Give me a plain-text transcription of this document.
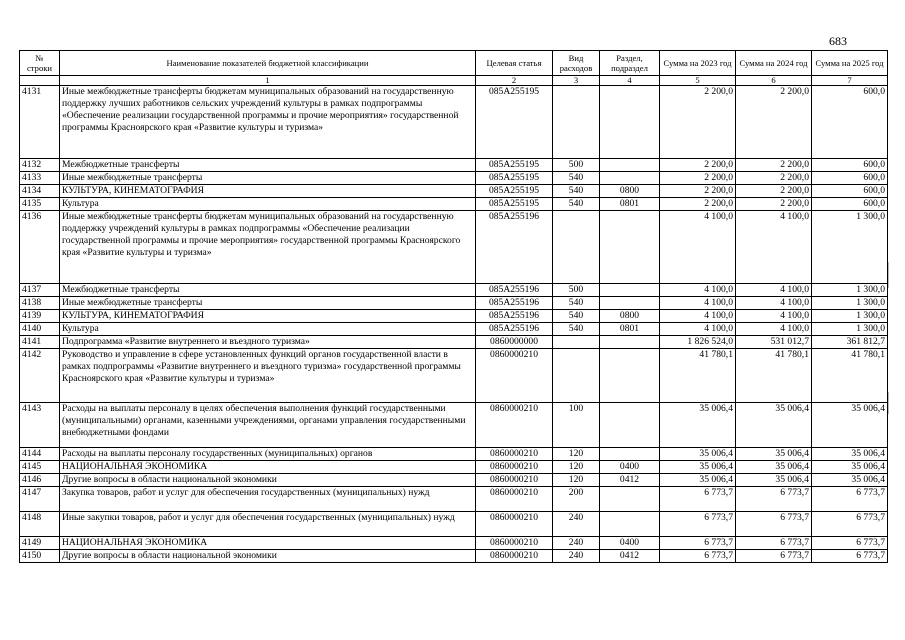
683
№ строки	Наименование показателей бюджетной классификации	Целевая статья	Вид расходов	Раздел, подраздел	Сумма на 2023 год	Сумма на 2024 год	Сумма на 2025 год
	1	2	3	4	5	6	7
4131	Иные межбюджетные трансферты бюджетам муниципальных образований на государственную поддержку лучших работников сельских учреждений культуры в рамках подпрограммы «Обеспечение реализации государственной программы и прочие мероприятия» государственной программы Красноярского края «Развитие культуры и туризма»	085A255195			2 200,0	2 200,0	600,0
4132	Межбюджетные трансферты	085A255195	500		2 200,0	2 200,0	600,0
4133	Иные межбюджетные трансферты	085A255195	540		2 200,0	2 200,0	600,0
4134	КУЛЬТУРА, КИНЕМАТОГРАФИЯ	085A255195	540	0800	2 200,0	2 200,0	600,0
4135	Культура	085A255195	540	0801	2 200,0	2 200,0	600,0
4136	Иные межбюджетные трансферты бюджетам муниципальных образований на государственную поддержку учреждений культуры в рамках подпрограммы «Обеспечение реализации государственной программы и прочие мероприятия» государственной программы Красноярского края «Развитие культуры и туризма»	085A255196			4 100,0	4 100,0	1 300,0
4137	Межбюджетные трансферты	085A255196	500		4 100,0	4 100,0	1 300,0
4138	Иные межбюджетные трансферты	085A255196	540		4 100,0	4 100,0	1 300,0
4139	КУЛЬТУРА, КИНЕМАТОГРАФИЯ	085A255196	540	0800	4 100,0	4 100,0	1 300,0
4140	Культура	085A255196	540	0801	4 100,0	4 100,0	1 300,0
4141	Подпрограмма «Развитие внутреннего и въездного туризма»	0860000000			1 826 524,0	531 012,7	361 812,7
4142	Руководство и управление в сфере установленных функций органов государственной власти в рамках подпрограммы «Развитие внутреннего и въездного туризма» государственной программы Красноярского края «Развитие культуры и туризма»	0860000210			41 780,1	41 780,1	41 780,1
4143	Расходы на выплаты персоналу в целях обеспечения выполнения функций государственными (муниципальными) органами, казенными учреждениями, органами управления государственными внебюджетными фондами	0860000210	100		35 006,4	35 006,4	35 006,4
4144	Расходы на выплаты персоналу государственных (муниципальных) органов	0860000210	120		35 006,4	35 006,4	35 006,4
4145	НАЦИОНАЛЬНАЯ ЭКОНОМИКА	0860000210	120	0400	35 006,4	35 006,4	35 006,4
4146	Другие вопросы в области национальной экономики	0860000210	120	0412	35 006,4	35 006,4	35 006,4
4147	Закупка товаров, работ и услуг для обеспечения государственных (муниципальных) нужд	0860000210	200		6 773,7	6 773,7	6 773,7
4148	Иные закупки товаров, работ и услуг для обеспечения государственных (муниципальных) нужд	0860000210	240		6 773,7	6 773,7	6 773,7
4149	НАЦИОНАЛЬНАЯ ЭКОНОМИКА	0860000210	240	0400	6 773,7	6 773,7	6 773,7
4150	Другие вопросы в области национальной экономики	0860000210	240	0412	6 773,7	6 773,7	6 773,7
